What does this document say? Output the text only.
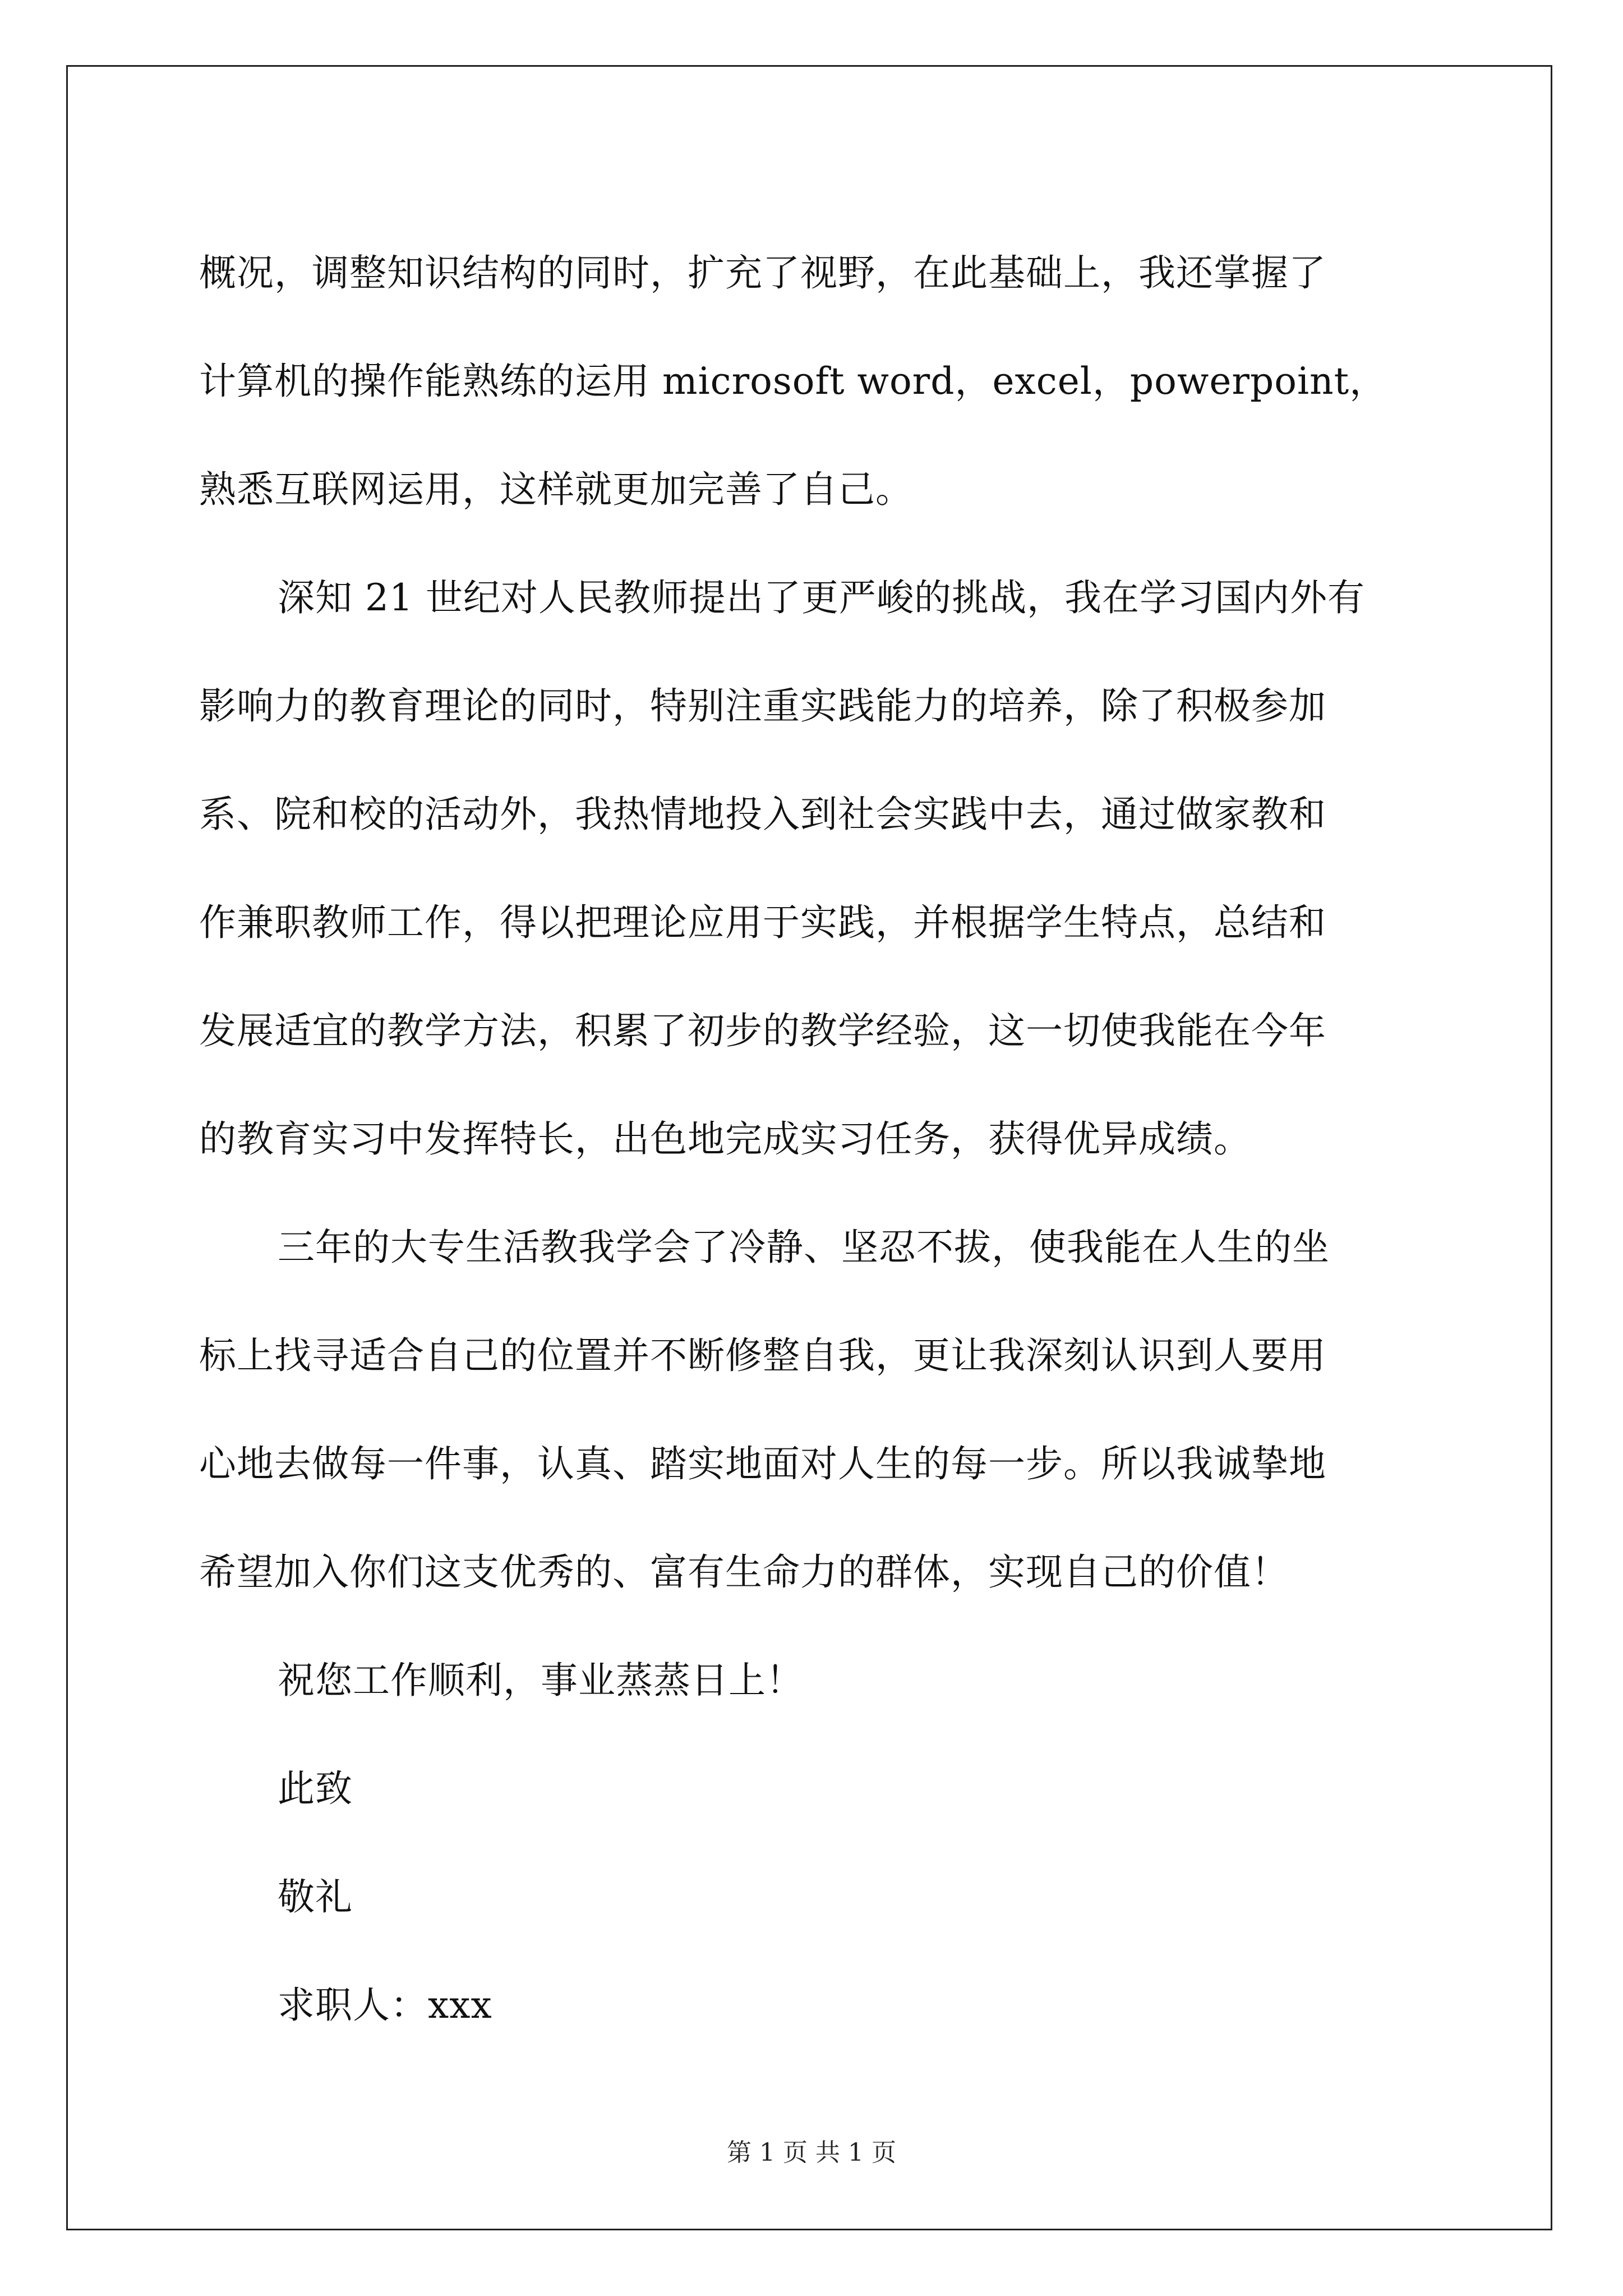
概况，调整知识结构的同时，扩充了视野，在此基础上，我还掌握了
计算机的操作能熟练的运用 microsoft word，excel，powerpoint，
熟悉互联网运用，这样就更加完善了自己。
深知 21 世纪对人民教师提出了更严峻的挑战，我在学习国内外有
影响力的教育理论的同时，特别注重实践能力的培养，除了积极参加
系、院和校的活动外，我热情地投入到社会实践中去，通过做家教和
作兼职教师工作，得以把理论应用于实践，并根据学生特点，总结和
发展适宜的教学方法，积累了初步的教学经验，这一切使我能在今年
的教育实习中发挥特长，出色地完成实习任务，获得优异成绩。
三年的大专生活教我学会了冷静、坚忍不拔，使我能在人生的坐
标上找寻适合自己的位置并不断修整自我，更让我深刻认识到人要用
心地去做每一件事，认真、踏实地面对人生的每一步。所以我诚挚地
希望加入你们这支优秀的、富有生命力的群体，实现自己的价值！
祝您工作顺利，事业蒸蒸日上！
此致
敬礼
求职人：xxx
第 1 页 共 1 页
